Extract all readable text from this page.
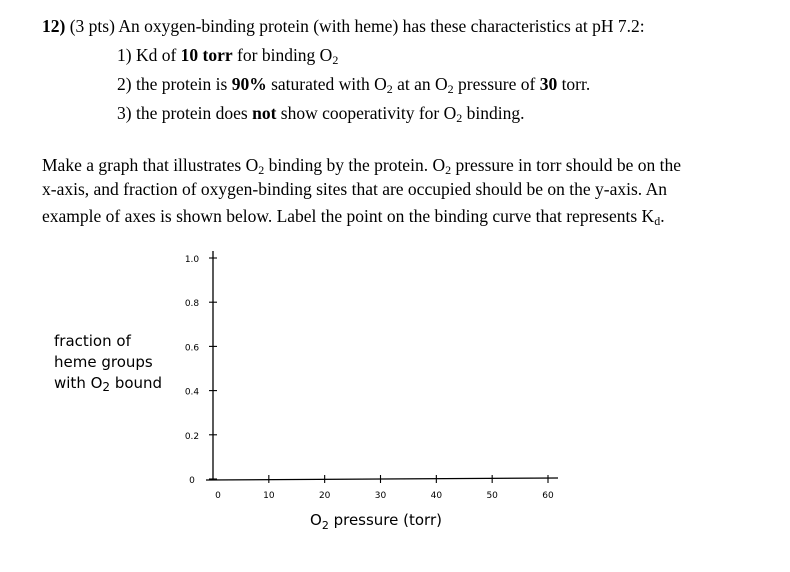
12) (3 pts) An oxygen-binding protein (with heme) has these characteristics at pH 7.2:
1) Kd of 10 torr for binding $O_2$
2) the protein is 90% saturated with $O_2$ at an $O_2$ pressure of 30 torr.
3) the protein does not show cooperativity for $O_2$ binding.
Make a graph that illustrates $O_2$ binding by the protein. $O_2$ pressure in torr should be on the
x-axis, and fraction of oxygen-binding sites that are occupied should be on the y-axis. An
example of axes is shown below. Label the point on the binding curve that represents $K_d$.
fraction of
heme groups
with $O_2$ bound
0
0.2
0.4
0.6
0.8
1.0
0	10	20	30	40	50	60
$O_2$ pressure (torr)
